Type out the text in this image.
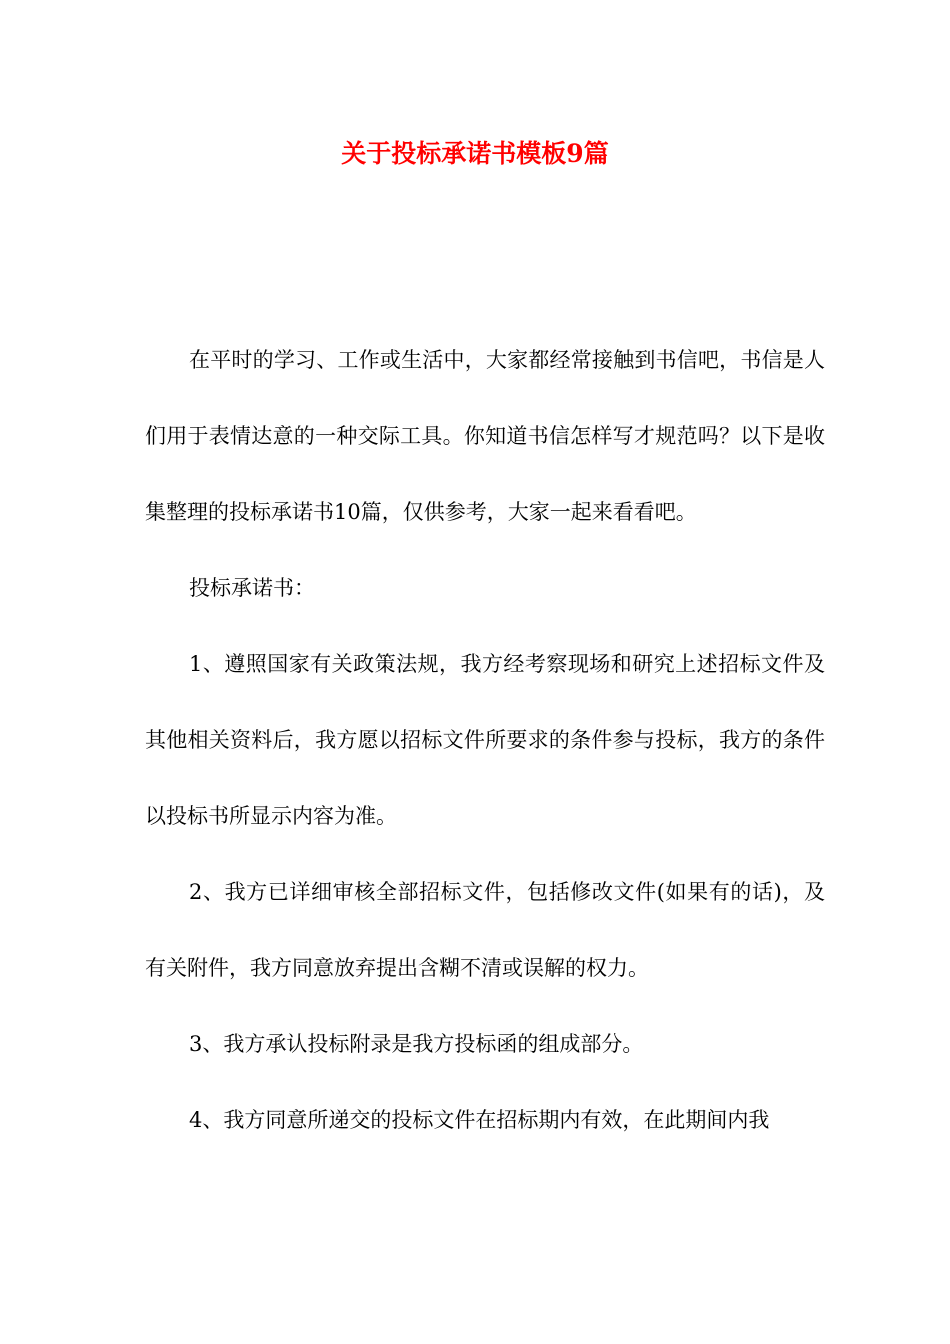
关于投标承诺书模板9篇

在平时的学习、工作或生活中，大家都经常接触到书信吧，书信是人们用于表情达意的一种交际工具。你知道书信怎样写才规范吗？以下是收集整理的投标承诺书10篇，仅供参考，大家一起来看看吧。

投标承诺书：

1、遵照国家有关政策法规，我方经考察现场和研究上述招标文件及其他相关资料后，我方愿以招标文件所要求的条件参与投标，我方的条件以投标书所显示内容为准。

2、我方已详细审核全部招标文件，包括修改文件(如果有的话)，及有关附件，我方同意放弃提出含糊不清或误解的权力。

3、我方承认投标附录是我方投标函的组成部分。

4、我方同意所递交的投标文件在招标期内有效，在此期间内我
